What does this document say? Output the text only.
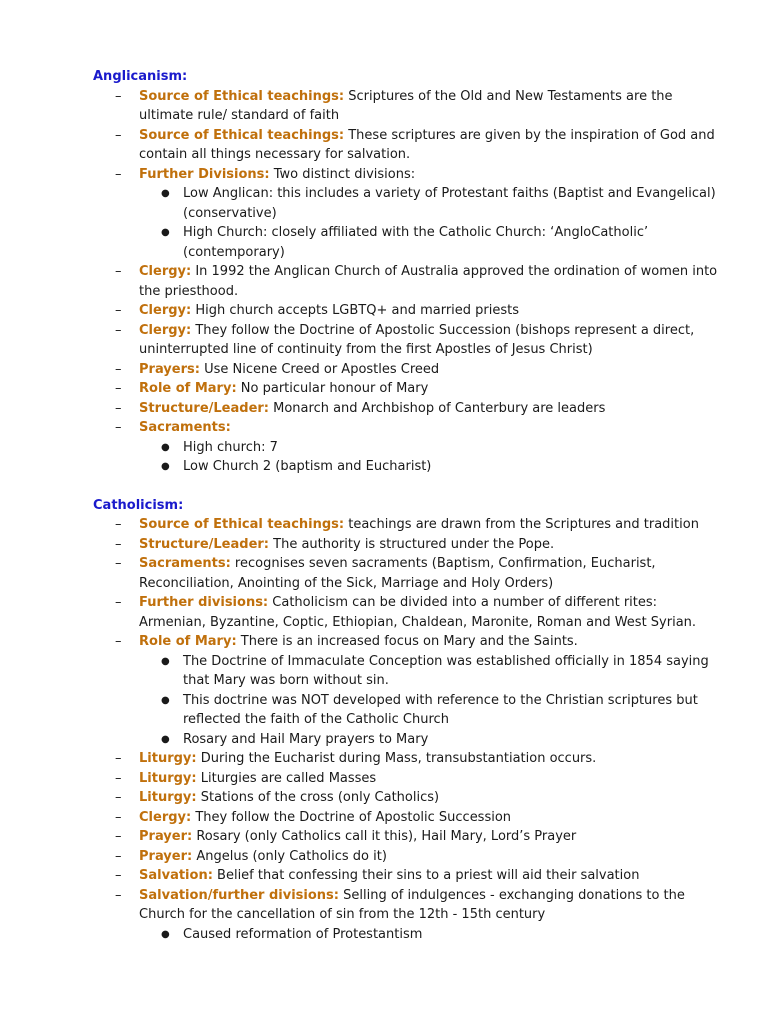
Anglicanism:
– Source of Ethical teachings: Scriptures of the Old and New Testaments are the ultimate rule/ standard of faith
– Source of Ethical teachings: These scriptures are given by the inspiration of God and contain all things necessary for salvation.
– Further Divisions: Two distinct divisions:
● Low Anglican: this includes a variety of Protestant faiths (Baptist and Evangelical) (conservative)
● High Church: closely affiliated with the Catholic Church: ‘AngloCatholic’ (contemporary)
– Clergy: In 1992 the Anglican Church of Australia approved the ordination of women into the priesthood.
– Clergy: High church accepts LGBTQ+ and married priests
– Clergy: They follow the Doctrine of Apostolic Succession (bishops represent a direct, uninterrupted line of continuity from the first Apostles of Jesus Christ)
– Prayers: Use Nicene Creed or Apostles Creed
– Role of Mary: No particular honour of Mary
– Structure/Leader: Monarch and Archbishop of Canterbury are leaders
– Sacraments:
● High church: 7
● Low Church 2 (baptism and Eucharist)
Catholicism:
– Source of Ethical teachings: teachings are drawn from the Scriptures and tradition
– Structure/Leader: The authority is structured under the Pope.
– Sacraments: recognises seven sacraments (Baptism, Confirmation, Eucharist, Reconciliation, Anointing of the Sick, Marriage and Holy Orders)
– Further divisions: Catholicism can be divided into a number of different rites: Armenian, Byzantine, Coptic, Ethiopian, Chaldean, Maronite, Roman and West Syrian.
– Role of Mary: There is an increased focus on Mary and the Saints.
● The Doctrine of Immaculate Conception was established officially in 1854 saying that Mary was born without sin.
● This doctrine was NOT developed with reference to the Christian scriptures but reflected the faith of the Catholic Church
● Rosary and Hail Mary prayers to Mary
– Liturgy: During the Eucharist during Mass, transubstantiation occurs.
– Liturgy: Liturgies are called Masses
– Liturgy: Stations of the cross (only Catholics)
– Clergy: They follow the Doctrine of Apostolic Succession
– Prayer: Rosary (only Catholics call it this), Hail Mary, Lord’s Prayer
– Prayer: Angelus (only Catholics do it)
– Salvation: Belief that confessing their sins to a priest will aid their salvation
– Salvation/further divisions: Selling of indulgences - exchanging donations to the Church for the cancellation of sin from the 12th - 15th century
● Caused reformation of Protestantism
